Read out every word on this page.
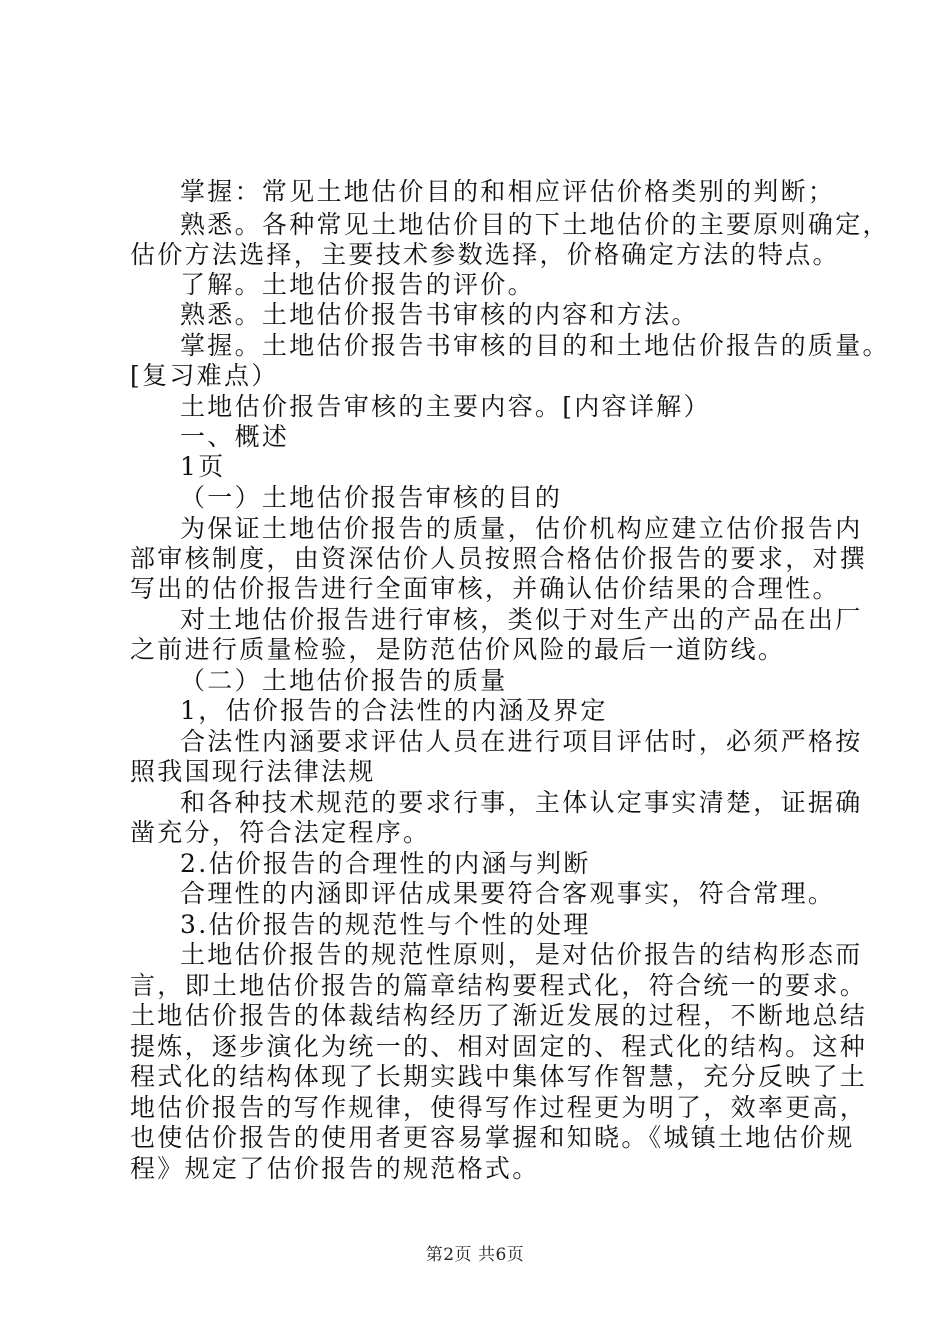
掌握：常见土地估价目的和相应评估价格类别的判断；
熟悉。各种常见土地估价目的下土地估价的主要原则确定，
估价方法选择，主要技术参数选择，价格确定方法的特点。
了解。土地估价报告的评价。
熟悉。土地估价报告书审核的内容和方法。
掌握。土地估价报告书审核的目的和土地估价报告的质量。
[复习难点）
土地估价报告审核的主要内容。[内容详解）
一、概述
1页
（一）土地估价报告审核的目的
为保证土地估价报告的质量，估价机构应建立估价报告内
部审核制度，由资深估价人员按照合格估价报告的要求，对撰
写出的估价报告进行全面审核，并确认估价结果的合理性。
对土地估价报告进行审核，类似于对生产出的产品在出厂
之前进行质量检验，是防范估价风险的最后一道防线。
（二）土地估价报告的质量
1，估价报告的合法性的内涵及界定
合法性内涵要求评估人员在进行项目评估时，必须严格按
照我国现行法律法规
和各种技术规范的要求行事，主体认定事实清楚，证据确
凿充分，符合法定程序。
2.估价报告的合理性的内涵与判断
合理性的内涵即评估成果要符合客观事实，符合常理。
3.估价报告的规范性与个性的处理
土地估价报告的规范性原则，是对估价报告的结构形态而
言，即土地估价报告的篇章结构要程式化，符合统一的要求。
土地估价报告的体裁结构经历了渐近发展的过程，不断地总结
提炼，逐步演化为统一的、相对固定的、程式化的结构。这种
程式化的结构体现了长期实践中集体写作智慧，充分反映了土
地估价报告的写作规律，使得写作过程更为明了，效率更高，
也使估价报告的使用者更容易掌握和知晓。《城镇土地估价规
程》规定了估价报告的规范格式。
第2页 共6页
